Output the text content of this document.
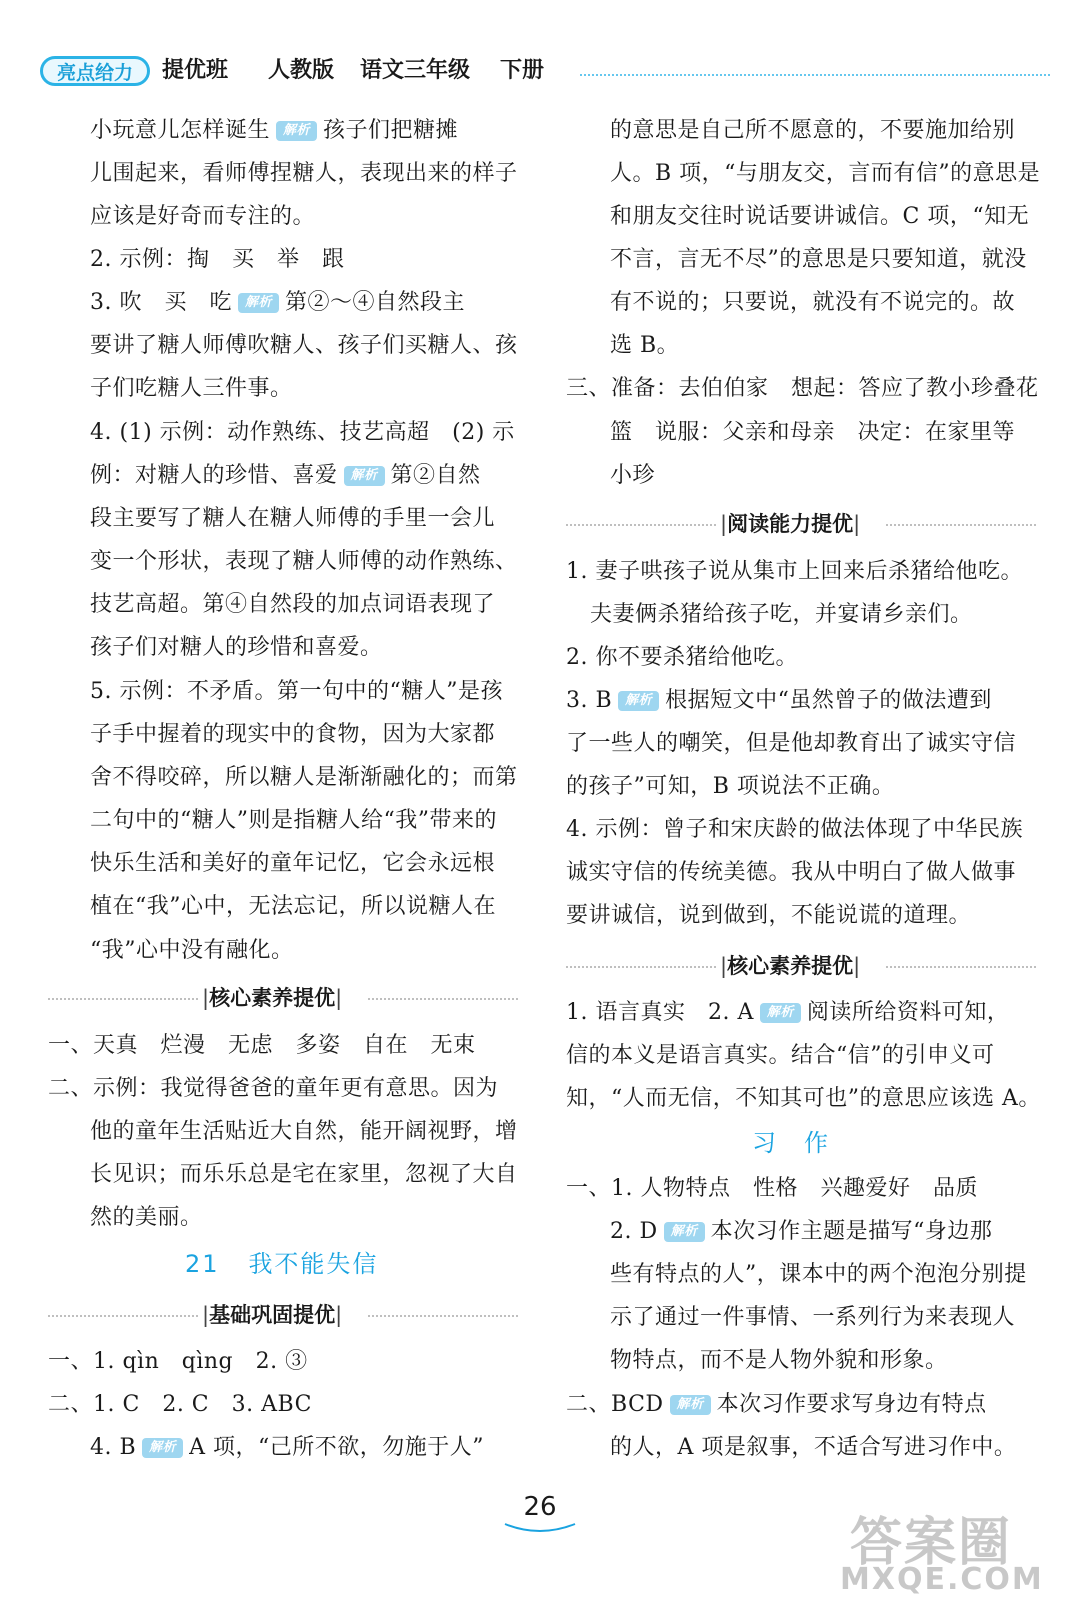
亮点给力	提优班 人教版 语文三年级 下册
小玩意儿怎样诞生 解析 孩子们把糖摊
儿围起来，看师傅捏糖人，表现出来的样子
应该是好奇而专注的。
2. 示例：掏　买　举　跟
3. 吹　买　吃 解析 第②～④自然段主
要讲了糖人师傅吹糖人、孩子们买糖人、孩
子们吃糖人三件事。
4. (1) 示例：动作熟练、技艺高超　(2) 示
例：对糖人的珍惜、喜爱 解析 第②自然
段主要写了糖人在糖人师傅的手里一会儿
变一个形状，表现了糖人师傅的动作熟练、
技艺高超。第④自然段的加点词语表现了
孩子们对糖人的珍惜和喜爱。
5. 示例：不矛盾。第一句中的“糖人”是孩
子手中握着的现实中的食物，因为大家都
舍不得咬碎，所以糖人是渐渐融化的；而第
二句中的“糖人”则是指糖人给“我”带来的
快乐生活和美好的童年记忆，它会永远根
植在“我”心中，无法忘记，所以说糖人在
“我”心中没有融化。
|核心素养提优|
一、天真　烂漫　无虑　多姿　自在　无束
二、示例：我觉得爸爸的童年更有意思。因为
他的童年生活贴近大自然，能开阔视野，增
长见识；而乐乐总是宅在家里，忽视了大自
然的美丽。
21 我不能失信
|基础巩固提优|
一、1. qìn　qìng　2. ③
二、1. C　2. C　3. ABC
4. B 解析 A 项，“己所不欲，勿施于人”
的意思是自己所不愿意的，不要施加给别
人。B 项，“与朋友交，言而有信”的意思是
和朋友交往时说话要讲诚信。C 项，“知无
不言，言无不尽”的意思是只要知道，就没
有不说的；只要说，就没有不说完的。故
选 B。
三、准备：去伯伯家　想起：答应了教小珍叠花
篮　说服：父亲和母亲　决定：在家里等
小珍
|阅读能力提优|
1. 妻子哄孩子说从集市上回来后杀猪给他吃。
夫妻俩杀猪给孩子吃，并宴请乡亲们。
2. 你不要杀猪给他吃。
3. B 解析 根据短文中“虽然曾子的做法遭到
了一些人的嘲笑，但是他却教育出了诚实守信
的孩子”可知，B 项说法不正确。
4. 示例：曾子和宋庆龄的做法体现了中华民族
诚实守信的传统美德。我从中明白了做人做事
要讲诚信，说到做到，不能说谎的道理。
|核心素养提优|
1. 语言真实　2. A 解析 阅读所给资料可知，
信的本义是语言真实。结合“信”的引申义可
知，“人而无信，不知其可也”的意思应该选 A。
习　作
一、1. 人物特点　性格　兴趣爱好　品质
2. D 解析 本次习作主题是描写“身边那
些有特点的人”，课本中的两个泡泡分别提
示了通过一件事情、一系列行为来表现人
物特点，而不是人物外貌和形象。
二、BCD 解析 本次习作要求写身边有特点
的人，A 项是叙事，不适合写进习作中。
26
答案圈
MXQE.COM
